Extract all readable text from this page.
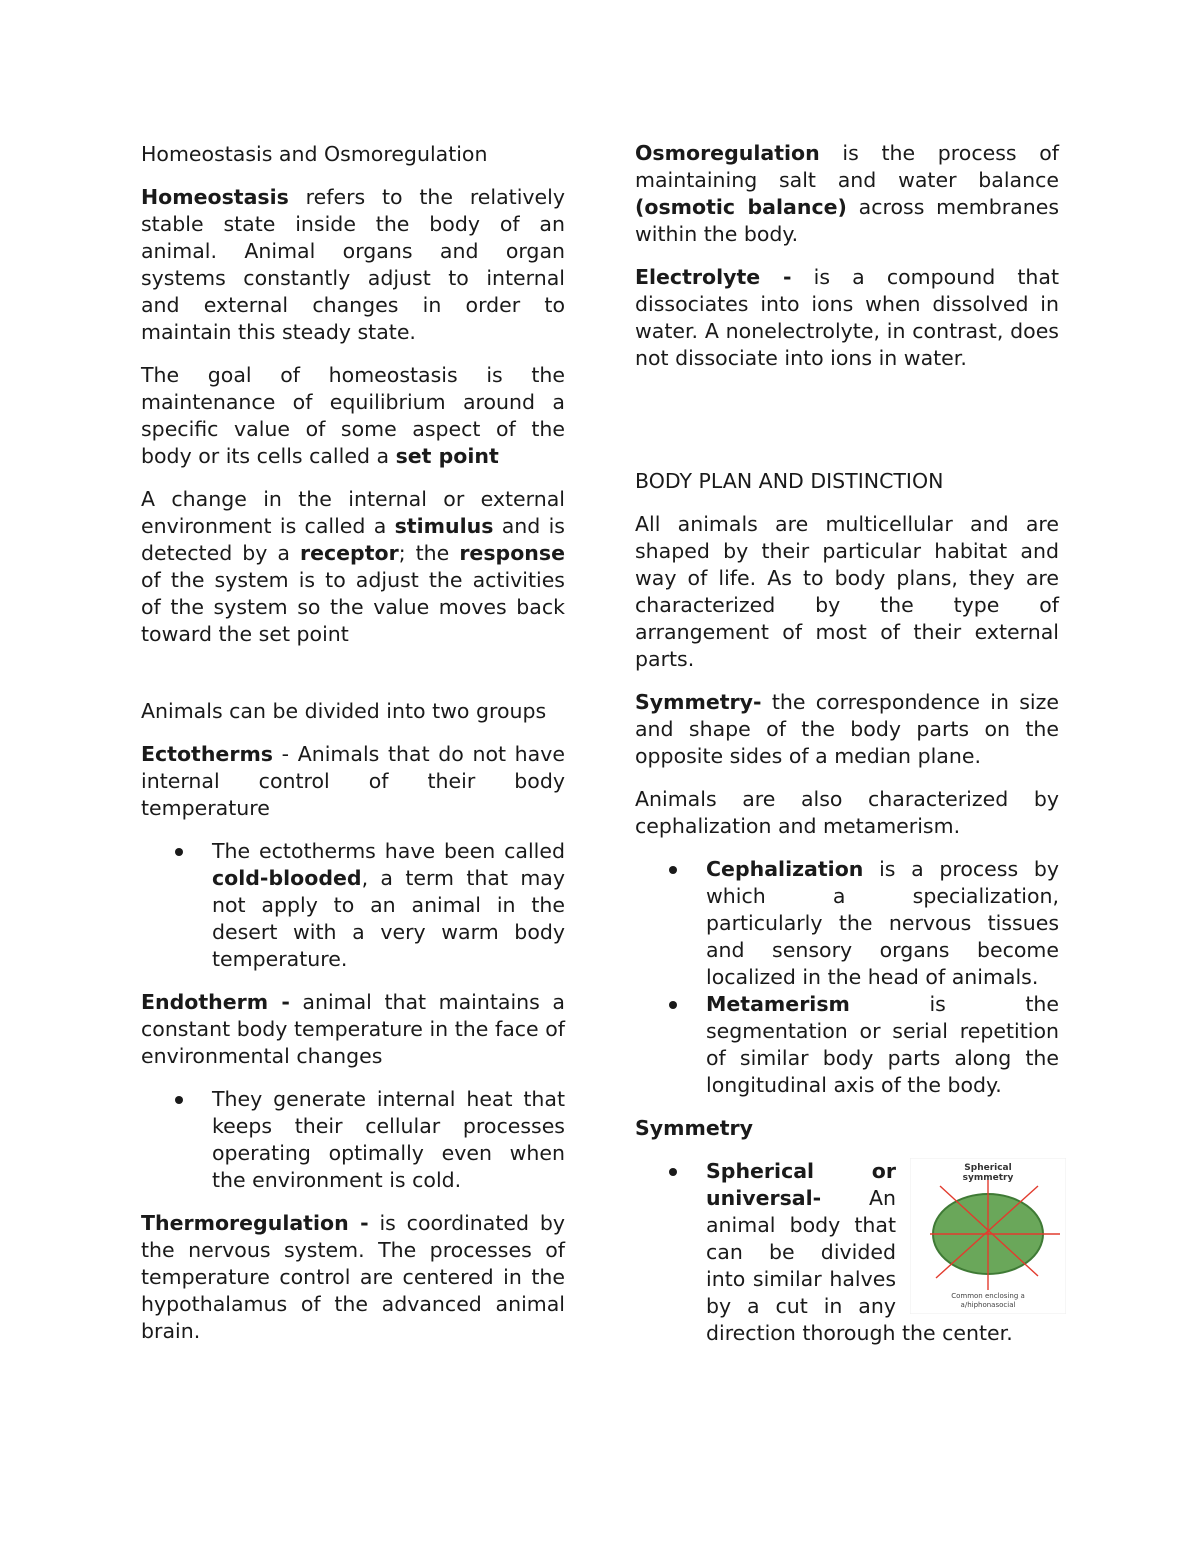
Homeostasis and Osmoregulation

Homeostasis refers to the relatively stable state inside the body of an animal. Animal organs and organ systems constantly adjust to internal and external changes in order to maintain this steady state.

The goal of homeostasis is the maintenance of equilibrium around a specific value of some aspect of the body or its cells called a set point

A change in the internal or external environment is called a stimulus and is detected by a receptor; the response of the system is to adjust the activities of the system so the value moves back toward the set point

Animals can be divided into two groups

Ectotherms - Animals that do not have internal control of their body temperature

The ectotherms have been called cold-blooded, a term that may not apply to an animal in the desert with a very warm body temperature.

Endotherm - animal that maintains a constant body temperature in the face of environmental changes

They generate internal heat that keeps their cellular processes operating optimally even when the environment is cold.

Thermoregulation - is coordinated by the nervous system. The processes of temperature control are centered in the hypothalamus of the advanced animal brain.

Osmoregulation is the process of maintaining salt and water balance (osmotic balance) across membranes within the body.

Electrolyte - is a compound that dissociates into ions when dissolved in water. A nonelectrolyte, in contrast, does not dissociate into ions in water.

BODY PLAN AND DISTINCTION

All animals are multicellular and are shaped by their particular habitat and way of life. As to body plans, they are characterized by the type of arrangement of most of their external parts.

Symmetry- the correspondence in size and shape of the body parts on the opposite sides of a median plane.

Animals are also characterized by cephalization and metamerism.

Cephalization is a process by which a specialization, particularly the nervous tissues and sensory organs become localized in the head of animals.
Metamerism is the segmentation or serial repetition of similar body parts along the longitudinal axis of the body.

Symmetry

Spherical
symmetry
Common enclosing a
a/hiphonasocial
Spherical or universal- An animal body that can be divided into similar halves by a cut in any direction thorough the center.
